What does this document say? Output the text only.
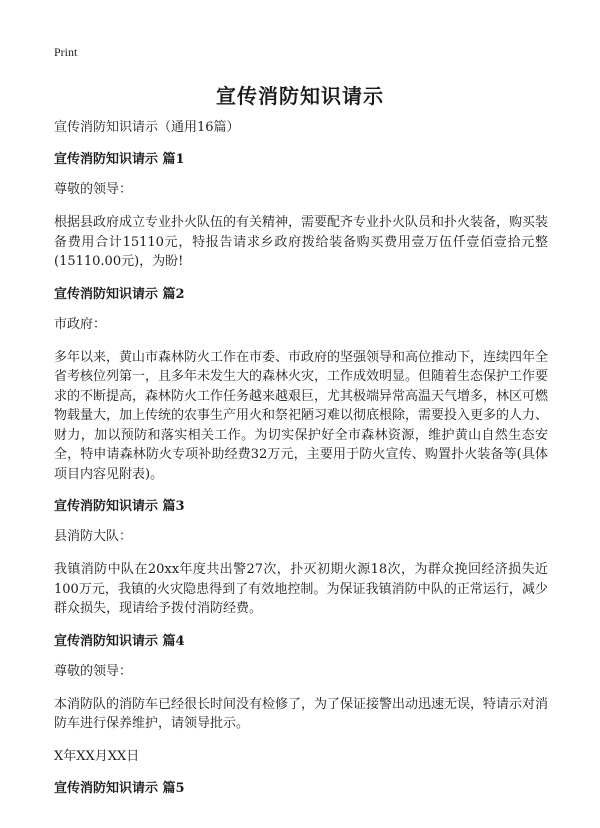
Print
宣传消防知识请示
宣传消防知识请示（通用16篇）
宣传消防知识请示 篇1
尊敬的领导：
根据县政府成立专业扑火队伍的有关精神，需要配齐专业扑火队员和扑火装备，购买装备费用合计15110元，特报告请求乡政府拨给装备购买费用壹万伍仟壹佰壹拾元整(15110.00元)，为盼!
宣传消防知识请示 篇2
市政府：
多年以来，黄山市森林防火工作在市委、市政府的坚强领导和高位推动下，连续四年全省考核位列第一，且多年未发生大的森林火灾，工作成效明显。但随着生态保护工作要求的不断提高，森林防火工作任务越来越艰巨，尤其极端异常高温天气增多，林区可燃物载量大，加上传统的农事生产用火和祭祀陋习难以彻底根除，需要投入更多的人力、财力，加以预防和落实相关工作。为切实保护好全市森林资源，维护黄山自然生态安全，特申请森林防火专项补助经费32万元，主要用于防火宣传、购置扑火装备等(具体项目内容见附表)。
宣传消防知识请示 篇3
县消防大队：
我镇消防中队在20xx年度共出警27次，扑灭初期火源18次，为群众挽回经济损失近100万元，我镇的火灾隐患得到了有效地控制。为保证我镇消防中队的正常运行，减少群众损失，现请给予拨付消防经费。
宣传消防知识请示 篇4
尊敬的领导：
本消防队的消防车已经很长时间没有检修了，为了保证接警出动迅速无误，特请示对消防车进行保养维护，请领导批示。
X年XX月XX日
宣传消防知识请示 篇5
